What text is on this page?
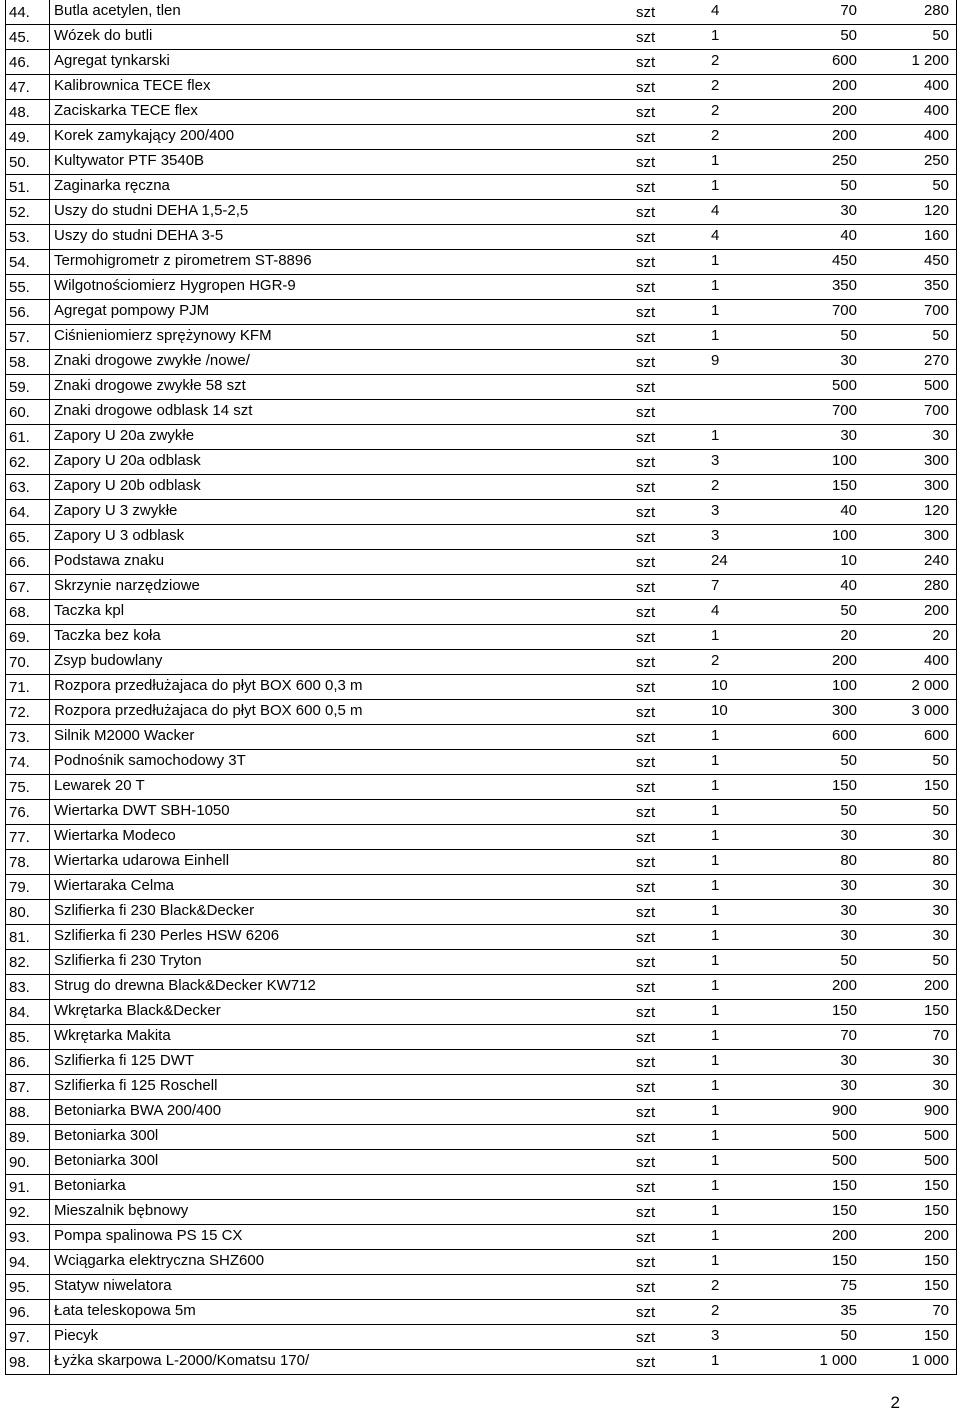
44.	Butla acetylen, tlen	szt	4	70	280
45.	Wózek do butli	szt	1	50	50
46.	Agregat tynkarski	szt	2	600	1 200
47.	Kalibrownica TECE flex	szt	2	200	400
48.	Zaciskarka TECE flex	szt	2	200	400
49.	Korek zamykający 200/400	szt	2	200	400
50.	Kultywator PTF 3540B	szt	1	250	250
51.	Zaginarka ręczna	szt	1	50	50
52.	Uszy do studni DEHA 1,5-2,5	szt	4	30	120
53.	Uszy do studni DEHA 3-5	szt	4	40	160
54.	Termohigrometr z pirometrem ST-8896	szt	1	450	450
55.	Wilgotnościomierz Hygropen HGR-9	szt	1	350	350
56.	Agregat pompowy PJM	szt	1	700	700
57.	Ciśnieniomierz sprężynowy KFM	szt	1	50	50
58.	Znaki drogowe zwykłe /nowe/	szt	9	30	270
59.	Znaki drogowe zwykłe 58 szt	szt		500	500
60.	Znaki drogowe odblask 14 szt	szt		700	700
61.	Zapory U 20a zwykłe	szt	1	30	30
62.	Zapory U 20a odblask	szt	3	100	300
63.	Zapory U 20b odblask	szt	2	150	300
64.	Zapory U 3 zwykłe	szt	3	40	120
65.	Zapory U 3 odblask	szt	3	100	300
66.	Podstawa znaku	szt	24	10	240
67.	Skrzynie narzędziowe	szt	7	40	280
68.	Taczka kpl	szt	4	50	200
69.	Taczka bez koła	szt	1	20	20
70.	Zsyp budowlany	szt	2	200	400
71.	Rozpora przedłużajaca do płyt BOX 600 0,3 m	szt	10	100	2 000
72.	Rozpora przedłużajaca do płyt BOX 600 0,5 m	szt	10	300	3 000
73.	Silnik M2000 Wacker	szt	1	600	600
74.	Podnośnik samochodowy 3T	szt	1	50	50
75.	Lewarek 20 T	szt	1	150	150
76.	Wiertarka DWT SBH-1050	szt	1	50	50
77.	Wiertarka Modeco	szt	1	30	30
78.	Wiertarka udarowa Einhell	szt	1	80	80
79.	Wiertaraka Celma	szt	1	30	30
80.	Szlifierka fi 230 Black&Decker	szt	1	30	30
81.	Szlifierka fi 230 Perles HSW 6206	szt	1	30	30
82.	Szlifierka fi 230 Tryton	szt	1	50	50
83.	Strug do drewna Black&Decker KW712	szt	1	200	200
84.	Wkrętarka Black&Decker	szt	1	150	150
85.	Wkrętarka Makita	szt	1	70	70
86.	Szlifierka fi 125 DWT	szt	1	30	30
87.	Szlifierka fi 125 Roschell	szt	1	30	30
88.	Betoniarka BWA 200/400	szt	1	900	900
89.	Betoniarka 300l	szt	1	500	500
90.	Betoniarka 300l	szt	1	500	500
91.	Betoniarka	szt	1	150	150
92.	Mieszalnik bębnowy	szt	1	150	150
93.	Pompa spalinowa PS 15 CX	szt	1	200	200
94.	Wciągarka elektryczna SHZ600	szt	1	150	150
95.	Statyw niwelatora	szt	2	75	150
96.	Łata teleskopowa 5m	szt	2	35	70
97.	Piecyk	szt	3	50	150
98.	Łyżka skarpowa L-2000/Komatsu 170/	szt	1	1 000	1 000
2
